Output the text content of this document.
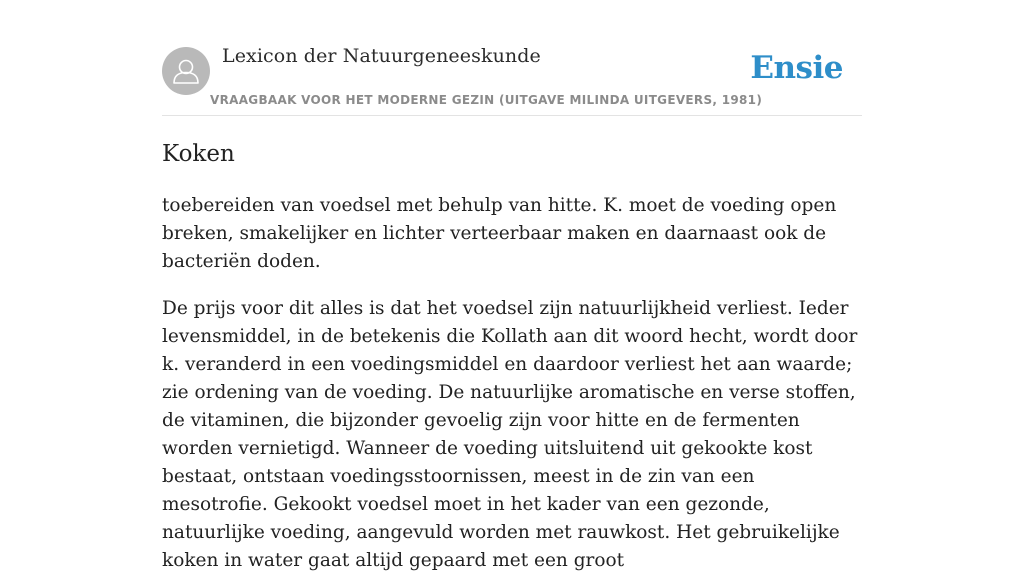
Lexicon der Natuurgeneeskunde
VRAAGBAAK VOOR HET MODERNE GEZIN (UITGAVE MILINDA UITGEVERS, 1981)
Ensie
Koken

toebereiden van voedsel met behulp van hitte. K. moet de voeding open breken, smakelijker en lichter verteerbaar maken en daarnaast ook de bacteriën doden.

De prijs voor dit alles is dat het voedsel zijn natuurlijkheid verliest. Ieder levensmiddel, in de betekenis die Kollath aan dit woord hecht, wordt door k. veranderd in een voedingsmiddel en daardoor verliest het aan waarde; zie ordening van de voeding. De natuurlijke aromatische en verse stoffen, de vitaminen, die bijzonder gevoelig zijn voor hitte en de fermenten worden vernietigd. Wanneer de voeding uitsluitend uit gekookte kost bestaat, ontstaan voedingsstoornissen, meest in de zin van een mesotrofie. Gekookt voedsel moet in het kader van een gezonde, natuurlijke voeding, aangevuld worden met rauwkost. Het gebruikelijke koken in water gaat altijd gepaard met een groot
